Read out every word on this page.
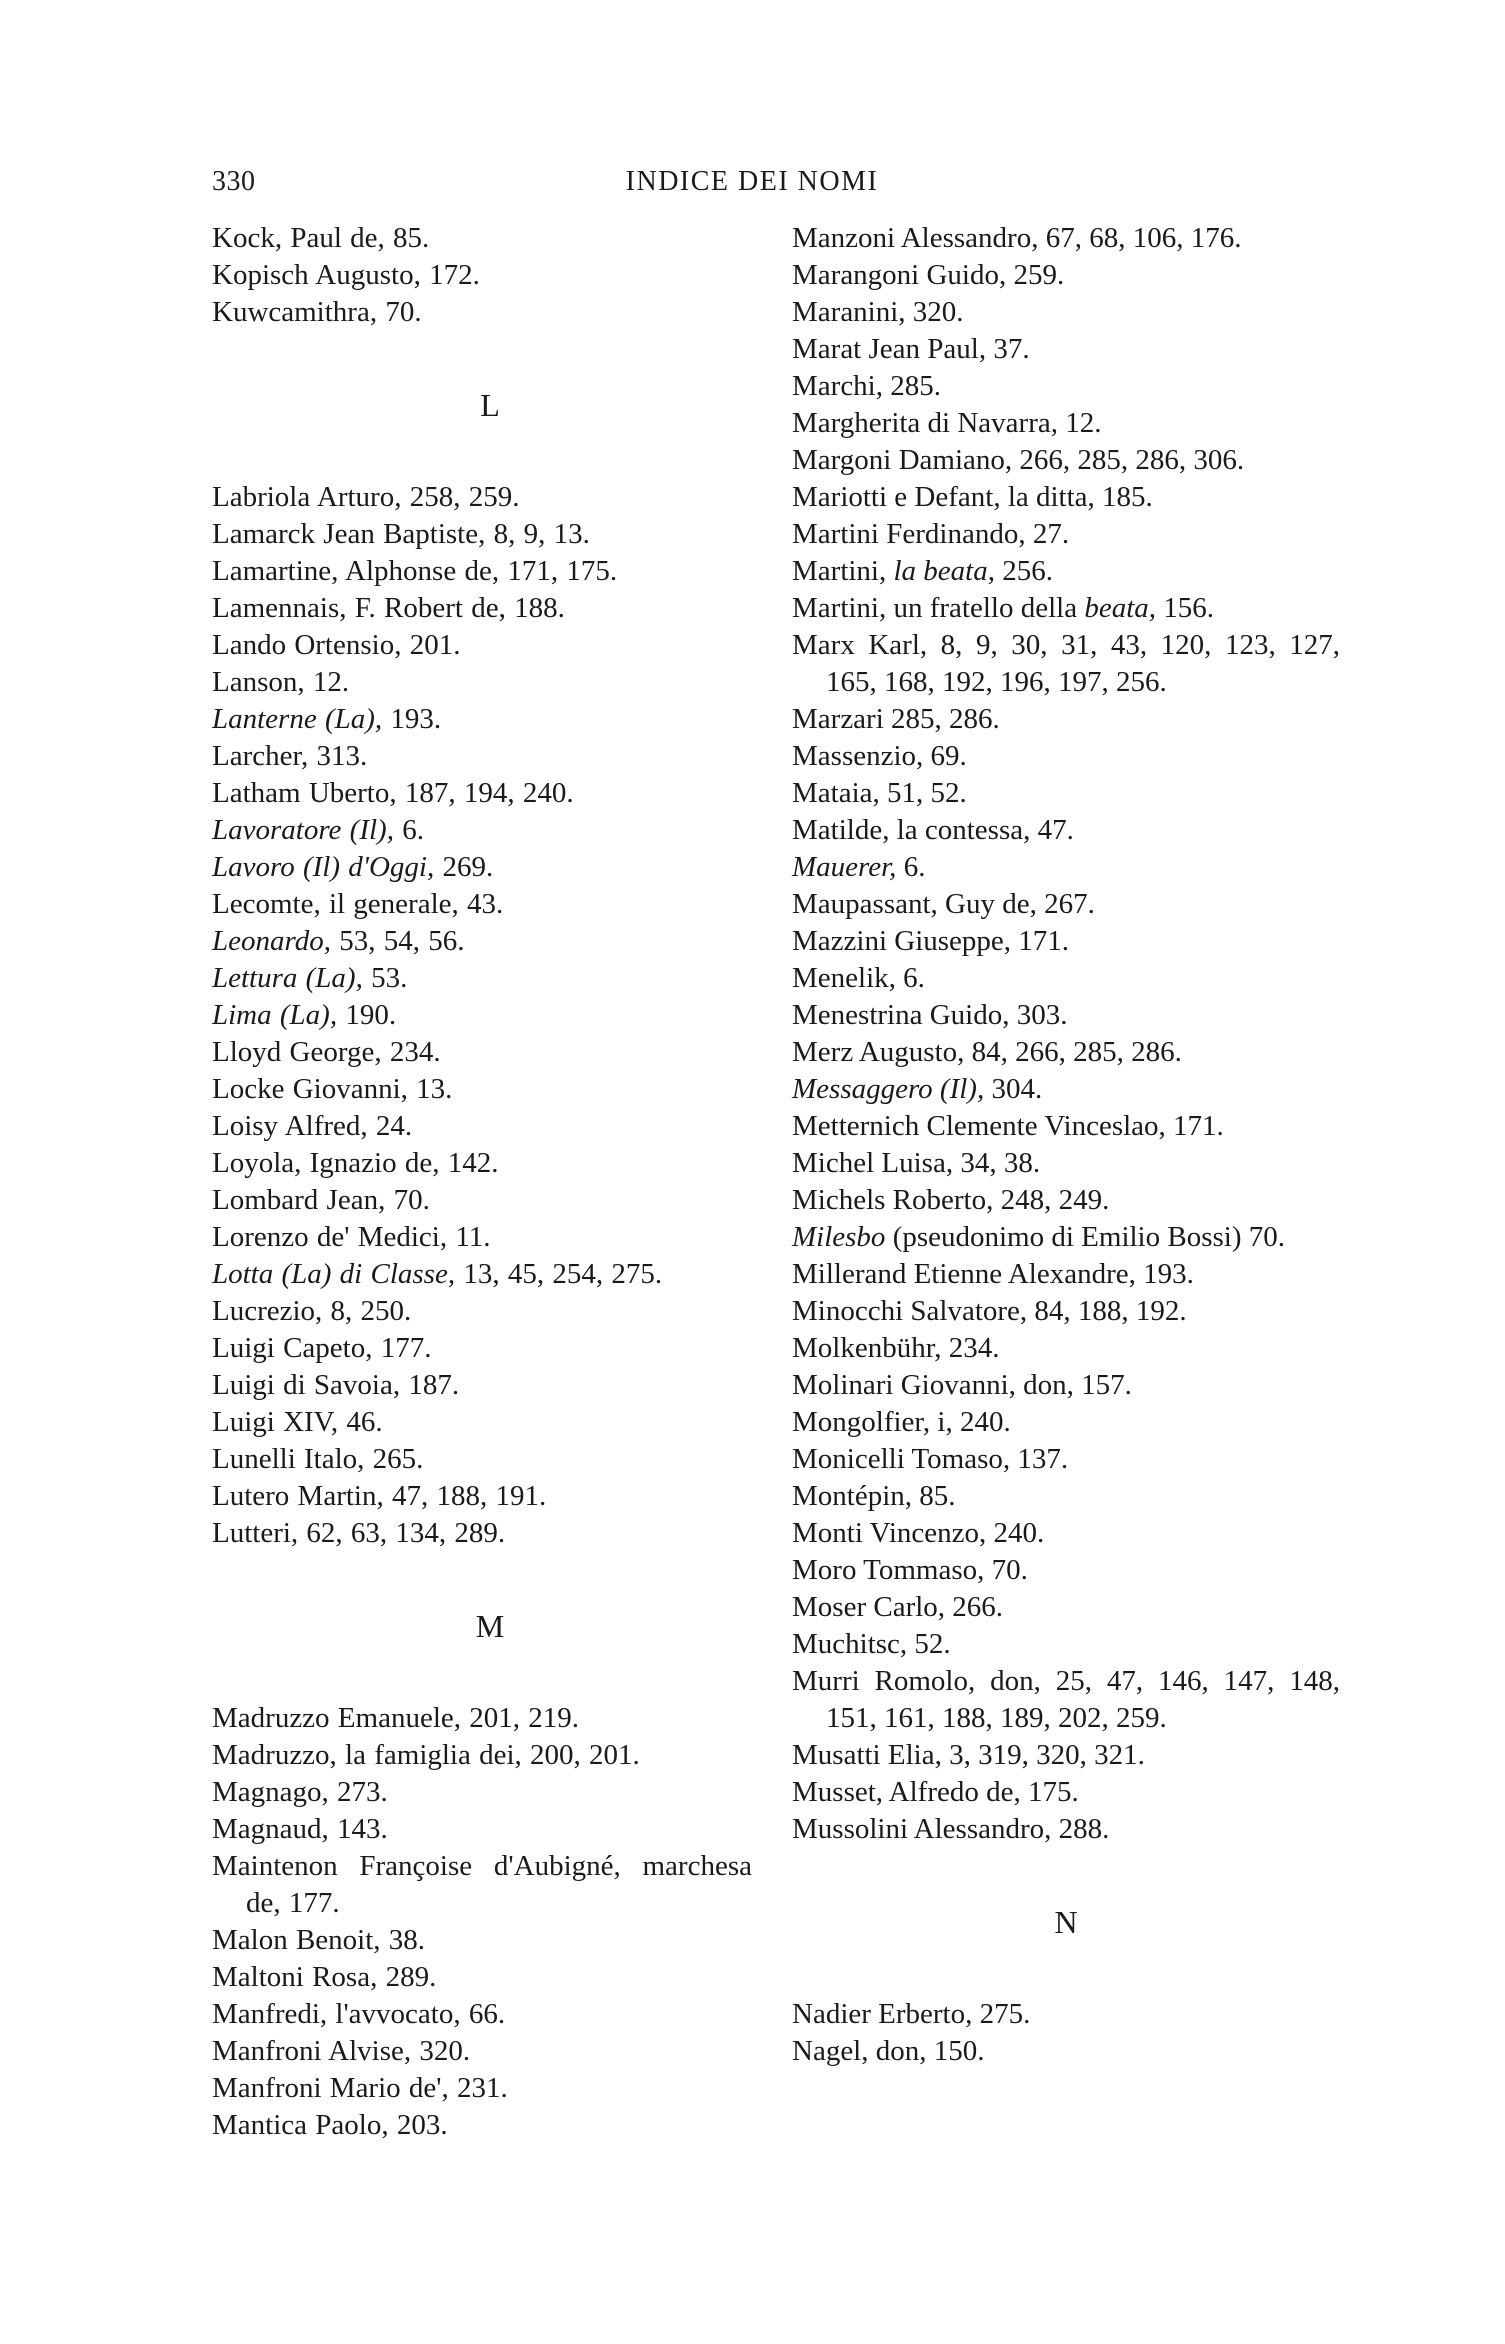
330	INDICE DEI NOMI

Kock, Paul de, 85.

Kopisch Augusto, 172.

Kuwcamithra, 70.

L

Labriola Arturo, 258, 259.

Lamarck Jean Baptiste, 8, 9, 13.

Lamartine, Alphonse de, 171, 175.

Lamennais, F. Robert de, 188.

Lando Ortensio, 201.

Lanson, 12.

Lanterne (La), 193.

Larcher, 313.

Latham Uberto, 187, 194, 240.

Lavoratore (Il), 6.

Lavoro (Il) d'Oggi, 269.

Lecomte, il generale, 43.

Leonardo, 53, 54, 56.

Lettura (La), 53.

Lima (La), 190.

Lloyd George, 234.

Locke Giovanni, 13.

Loisy Alfred, 24.

Loyola, Ignazio de, 142.

Lombard Jean, 70.

Lorenzo de' Medici, 11.

Lotta (La) di Classe, 13, 45, 254, 275.

Lucrezio, 8, 250.

Luigi Capeto, 177.

Luigi di Savoia, 187.

Luigi XIV, 46.

Lunelli Italo, 265.

Lutero Martin, 47, 188, 191.

Lutteri, 62, 63, 134, 289.

M

Madruzzo Emanuele, 201, 219.

Madruzzo, la famiglia dei, 200, 201.

Magnago, 273.

Magnaud, 143.

Maintenon Françoise d'Aubigné, marchesa de, 177.

Malon Benoit, 38.

Maltoni Rosa, 289.

Manfredi, l'avvocato, 66.

Manfroni Alvise, 320.

Manfroni Mario de', 231.

Mantica Paolo, 203.

Manzoni Alessandro, 67, 68, 106, 176.

Marangoni Guido, 259.

Maranini, 320.

Marat Jean Paul, 37.

Marchi, 285.

Margherita di Navarra, 12.

Margoni Damiano, 266, 285, 286, 306.

Mariotti e Defant, la ditta, 185.

Martini Ferdinando, 27.

Martini, la beata, 256.

Martini, un fratello della beata, 156.

Marx Karl, 8, 9, 30, 31, 43, 120, 123, 127, 165, 168, 192, 196, 197, 256.

Marzari 285, 286.

Massenzio, 69.

Mataia, 51, 52.

Matilde, la contessa, 47.

Mauerer, 6.

Maupassant, Guy de, 267.

Mazzini Giuseppe, 171.

Menelik, 6.

Menestrina Guido, 303.

Merz Augusto, 84, 266, 285, 286.

Messaggero (Il), 304.

Metternich Clemente Vinceslao, 171.

Michel Luisa, 34, 38.

Michels Roberto, 248, 249.

Milesbo (pseudonimo di Emilio Bossi) 70.

Millerand Etienne Alexandre, 193.

Minocchi Salvatore, 84, 188, 192.

Molkenbühr, 234.

Molinari Giovanni, don, 157.

Mongolfier, i, 240.

Monicelli Tomaso, 137.

Montépin, 85.

Monti Vincenzo, 240.

Moro Tommaso, 70.

Moser Carlo, 266.

Muchitsc, 52.

Murri Romolo, don, 25, 47, 146, 147, 148, 151, 161, 188, 189, 202, 259.

Musatti Elia, 3, 319, 320, 321.

Musset, Alfredo de, 175.

Mussolini Alessandro, 288.

N

Nadier Erberto, 275.

Nagel, don, 150.
